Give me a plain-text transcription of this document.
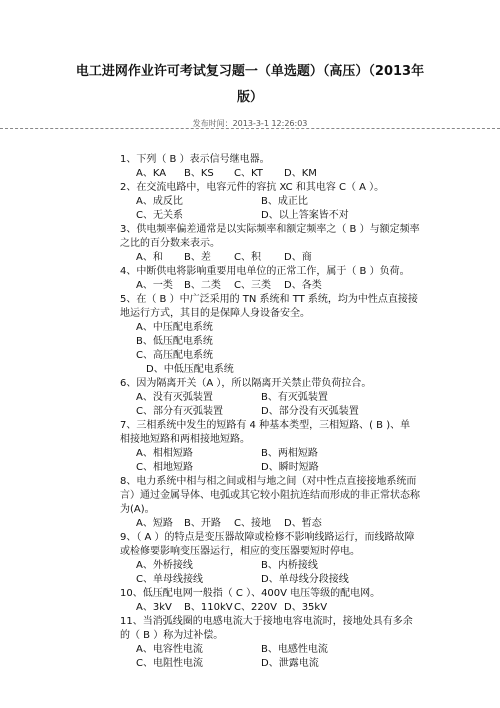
电工进网作业许可考试复习题一（单选题）（高压）（2013年
版）
发布时间：2013-3-1 12:26:03
1、下列（ B ）表示信号继电器。
A、KA	B、KS	C、KT	D、KM
2、在交流电路中，电容元件的容抗 XC 和其电容 C（ A ）。
A、成反比	B、成正比
C、无关系	D、以上答案皆不对
3、供电频率偏差通常是以实际频率和额定频率之（ B ）与额定频率之比的百分数来表示。
A、和	B、差	C、积	D、商
4、中断供电将影响重要用电单位的正常工作，属于（ B ）负荷。
A、一类	B、二类	C、三类	D、各类
5、在（ B ）中广泛采用的 TN 系统和 TT 系统，均为中性点直接接地运行方式，其目的是保障人身设备安全。
A、中压配电系统
B、低压配电系统
C、高压配电系统
D、中低压配电系统
6、因为隔离开关（A ），所以隔离开关禁止带负荷拉合。
A、没有灭弧装置	B、有灭弧装置
C、部分有灭弧装置	D、部分没有灭弧装置
7、三相系统中发生的短路有 4 种基本类型，三相短路、( B )、单相接地短路和两相接地短路。
A、相相短路	B、两相短路
C、相地短路	D、瞬时短路
8、电力系统中相与相之间或相与地之间（对中性点直接接地系统而言）通过金属导体、电弧或其它较小阻抗连结而形成的非正常状态称为(A)。
A、短路	B、开路	C、接地	D、暂态
9、（ A ）的特点是变压器故障或检修不影响线路运行，而线路故障或检修要影响变压器运行，相应的变压器要短时停电。
A、外桥接线	B、内桥接线
C、单母线接线	D、单母线分段接线
10、低压配电网一般指（ C ）、400V 电压等级的配电网。
A、3kV	B、110kV C、220V D、35kV
11、当消弧线圈的电感电流大于接地电容电流时，接地处具有多余的（ B ）称为过补偿。
A、电容性电流	B、电感性电流
C、电阻性电流	D、泄露电流
